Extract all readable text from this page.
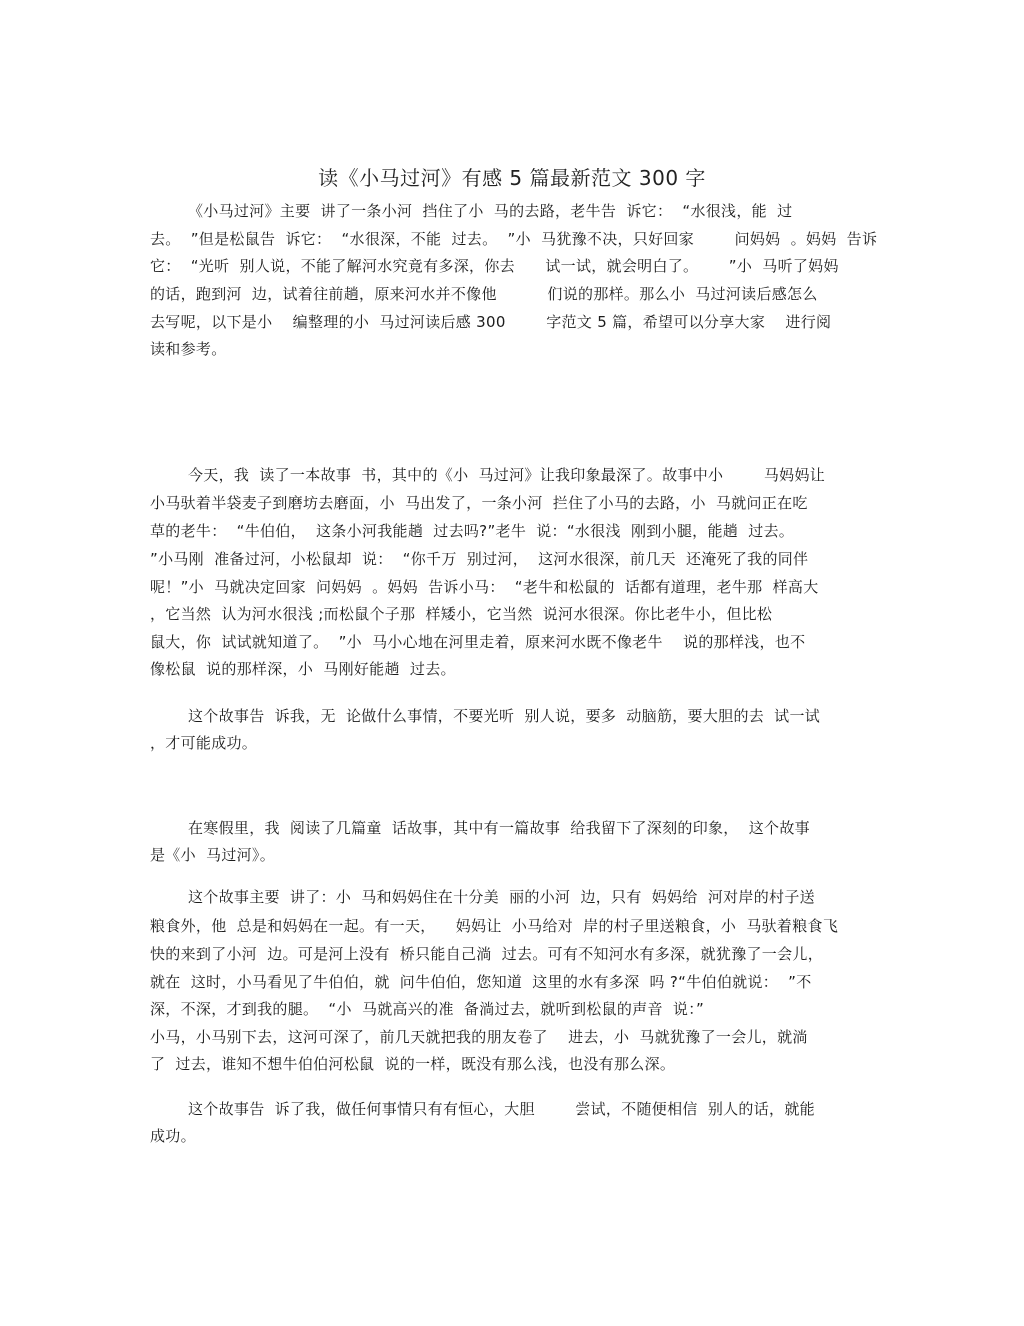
读《小马过河》有感 5 篇最新范文 300 字
《小马过河》主要  讲了一条小河  挡住了小  马的去路，老牛告  诉它：  “水很浅，能  过
去。  ”但是松鼠告  诉它：  “水很深，不能  过去。  ”小  马犹豫不决，只好回家        问妈妈  。妈妈  告诉
它：  “光听  别人说，不能了解河水究竟有多深，你去      试一试，就会明白了。      ”小  马听了妈妈
的话，跑到河  边，试着往前趟，原来河水并不像他          们说的那样。那么小  马过河读后感怎么
去写呢，以下是小    编整理的小  马过河读后感 300        字范文 5 篇，希望可以分享大家    进行阅
读和参考。
今天，我  读了一本故事  书，其中的《小  马过河》让我印象最深了。故事中小        马妈妈让
小马驮着半袋麦子到磨坊去磨面，小  马出发了，一条小河  拦住了小马的去路，小  马就问正在吃
草的老牛：  “牛伯伯，  这条小河我能趟  过去吗?”老牛  说：“水很浅  刚到小腿，能趟  过去。
”小马刚  准备过河，小松鼠却  说：  “你千万  别过河，  这河水很深，前几天  还淹死了我的同伴
呢！”小  马就决定回家  问妈妈  。妈妈  告诉小马：  “老牛和松鼠的  话都有道理，老牛那  样高大
，它当然  认为河水很浅 ;而松鼠个子那  样矮小，它当然  说河水很深。你比老牛小，但比松
鼠大，你  试试就知道了。  ”小  马小心地在河里走着，原来河水既不像老牛    说的那样浅，也不
像松鼠  说的那样深，小  马刚好能趟  过去。
这个故事告  诉我，无  论做什么事情，不要光听  别人说，要多  动脑筋，要大胆的去  试一试
，才可能成功。
在寒假里，我  阅读了几篇童  话故事，其中有一篇故事  给我留下了深刻的印象，  这个故事
是《小  马过河》。
这个故事主要  讲了：小  马和妈妈住在十分美  丽的小河  边，只有  妈妈给  河对岸的村子送
粮食外，他  总是和妈妈在一起。有一天，    妈妈让  小马给对  岸的村子里送粮食，小  马驮着粮食飞
快的来到了小河  边。可是河上没有  桥只能自己淌  过去。可有不知河水有多深，就犹豫了一会儿，
就在  这时，小马看见了牛伯伯，就  问牛伯伯，您知道  这里的水有多深  吗 ?“牛伯伯就说：  ”不
深，不深，才到我的腿。  “小  马就高兴的准  备淌过去，就听到松鼠的声音  说：”
小马，小马别下去，这河可深了，前几天就把我的朋友卷了    进去，小  马就犹豫了一会儿，就淌
了  过去，谁知不想牛伯伯河松鼠  说的一样，既没有那么浅，也没有那么深。
这个故事告  诉了我，做任何事情只有有恒心，大胆        尝试，不随便相信  别人的话，就能
成功。
